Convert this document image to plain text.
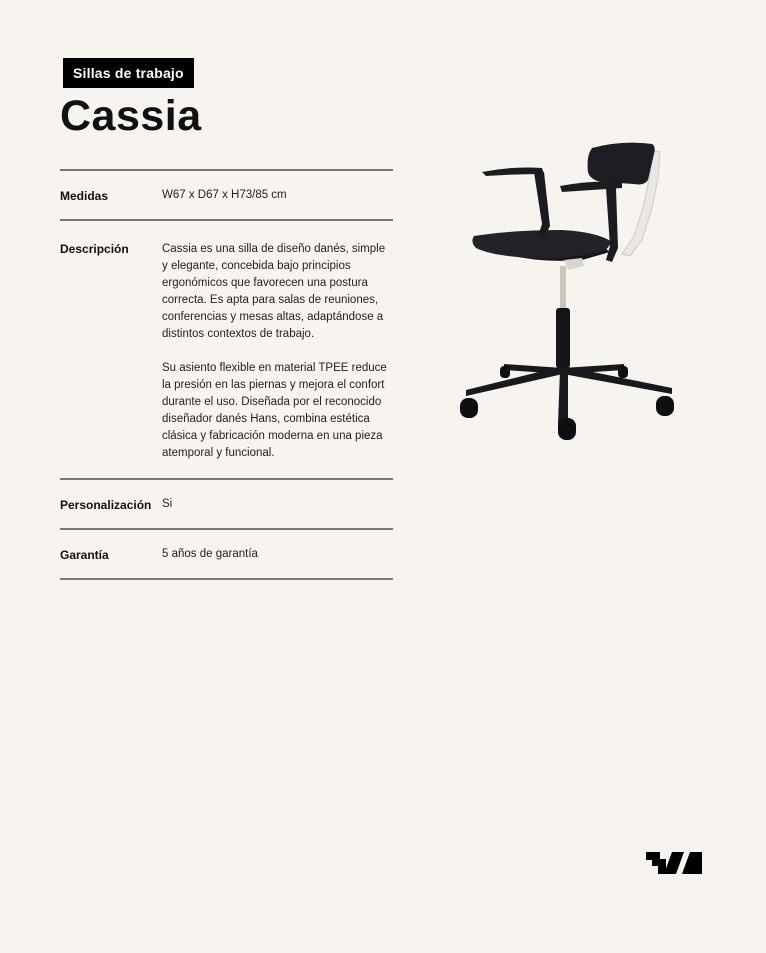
Sillas de trabajo
Cassia
Medidas	W67 x D67 x H73/85 cm
Descripción	Cassia es una silla de diseño danés, simple y elegante, concebida bajo principios ergonómicos que favorecen una postura correcta. Es apta para salas de reuniones, conferencias y mesas altas, adaptándose a distintos contextos de trabajo.

Su asiento flexible en material TPEE reduce la presión en las piernas y mejora el confort durante el uso. Diseñada por el reconocido diseñador danés Hans, combina estética clásica y fabricación moderna en una pieza atemporal y funcional.

Personalización Si
Garantía	5 años de garantía
